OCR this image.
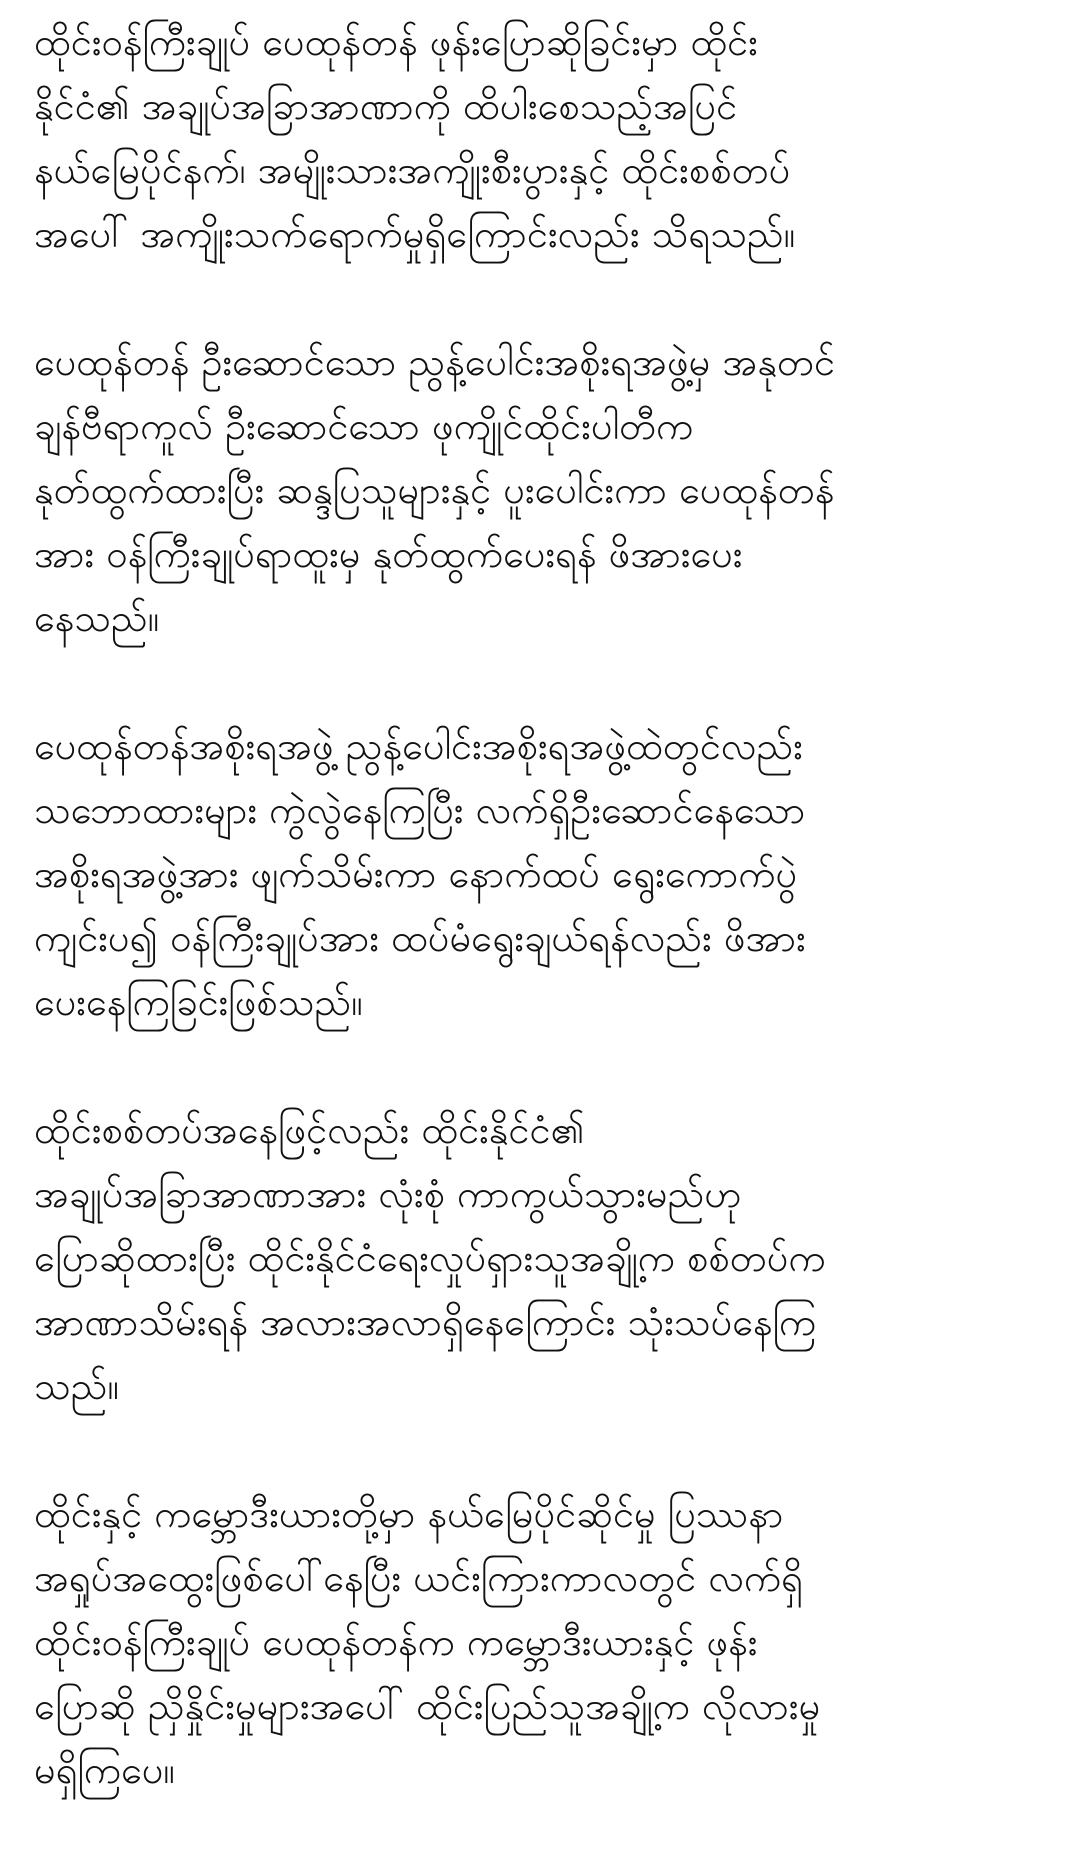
ထိုင်းဝန်ကြီးချုပ် ပေထုန်တန် ဖုန်းပြောဆိုခြင်းမှာ ထိုင်း
နိုင်ငံ၏ အချုပ်အခြာအာဏာကို ထိပါးစေသည့်အပြင်
နယ်မြေပိုင်နက်၊ အမျိုးသားအကျိုးစီးပွားနှင့် ထိုင်းစစ်တပ်
အပေါ် အကျိုးသက်ရောက်မှုရှိကြောင်းလည်း သိရသည်။
ပေထုန်တန် ဦးဆောင်သော ညွန့်ပေါင်းအစိုးရအဖွဲ့မှ အနုတင်
ချန်ဗီရာကူလ် ဦးဆောင်သော ဖုကျိုင်ထိုင်းပါတီက
နုတ်ထွက်ထားပြီး ဆန္ဒပြသူများနှင့် ပူးပေါင်းကာ ပေထုန်တန်
အား ဝန်ကြီးချုပ်ရာထူးမှ နုတ်ထွက်ပေးရန် ဖိအားပေး
နေသည်။
ပေထုန်တန်အစိုးရအဖွဲ့ ညွန့်ပေါင်းအစိုးရအဖွဲ့ထဲတွင်လည်း
သဘောထားများ ကွဲလွဲနေကြပြီး လက်ရှိဦးဆောင်နေသော
အစိုးရအဖွဲ့အား ဖျက်သိမ်းကာ နောက်ထပ် ရွေးကောက်ပွဲ
ကျင်းပ၍ ဝန်ကြီးချုပ်အား ထပ်မံရွေးချယ်ရန်လည်း ဖိအား
ပေးနေကြခြင်းဖြစ်သည်။
ထိုင်းစစ်တပ်အနေဖြင့်လည်း ထိုင်းနိုင်ငံ၏
အချုပ်အခြာအာဏာအား လုံးစုံ ကာကွယ်သွားမည်ဟု
ပြောဆိုထားပြီး ထိုင်းနိုင်ငံရေးလှုပ်ရှားသူအချို့က စစ်တပ်က
အာဏာသိမ်းရန် အလားအလာရှိနေကြောင်း သုံးသပ်နေကြ
သည်။
ထိုင်းနှင့် ကမ္ဘောဒီးယားတို့မှာ နယ်မြေပိုင်ဆိုင်မှု ပြဿနာ
အရှုပ်အထွေးဖြစ်ပေါ်နေပြီး ယင်းကြားကာလတွင် လက်ရှိ
ထိုင်းဝန်ကြီးချုပ် ပေထုန်တန်က ကမ္ဘောဒီးယားနှင့် ဖုန်း
ပြောဆို ညှိနှိုင်းမှုများအပေါ် ထိုင်းပြည်သူအချို့က လိုလားမှု
မရှိကြပေ။
